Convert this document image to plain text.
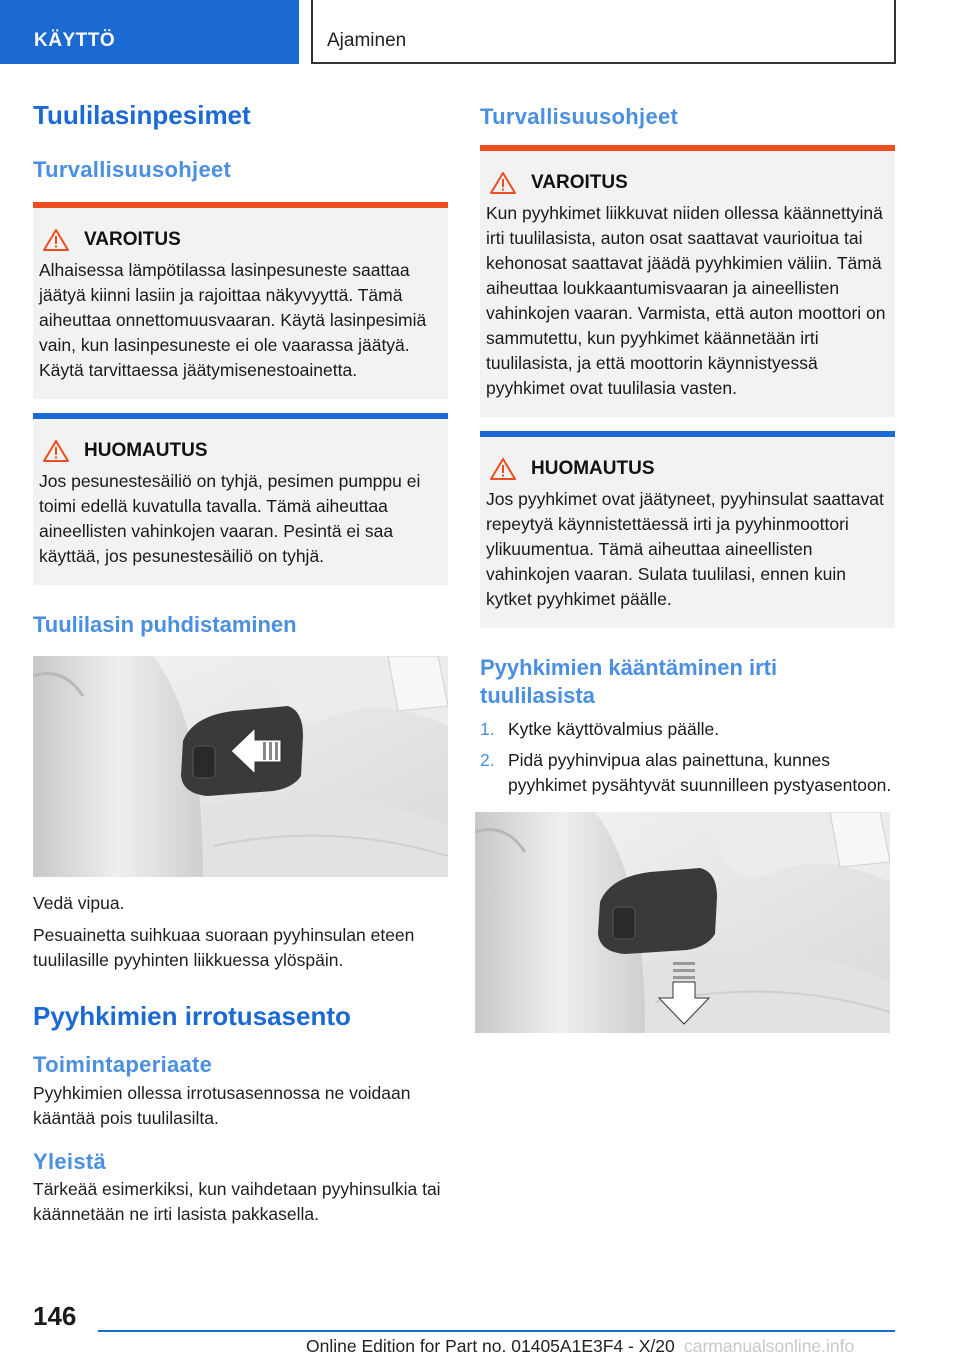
KÄYTTÖ	Ajaminen
Tuulilasinpesimet
Turvallisuusohjeet
VAROITUS
Alhaisessa lämpötilassa lasinpesuneste saattaa jäätyä kiinni lasiin ja rajoittaa näkyvyyttä. Tämä aiheuttaa onnettomuusvaaran. Käytä lasinpesimiä vain, kun lasinpesuneste ei ole vaarassa jäätyä. Käytä tarvittaessa jäätymisenestoainetta.
HUOMAUTUS
Jos pesunestesäiliö on tyhjä, pesimen pumppu ei toimi edellä kuvatulla tavalla. Tämä aiheuttaa aineellisten vahinkojen vaaran. Pesintä ei saa käyttää, jos pesunestesäiliö on tyhjä.
Tuulilasin puhdistaminen
Vedä vipua.
Pesuainetta suihkuaa suoraan pyyhinsulan eteen tuulilasille pyyhinten liikkuessa ylöspäin.
Pyyhkimien irrotusasento
Toimintaperiaate
Pyyhkimien ollessa irrotusasennossa ne voidaan kääntää pois tuulilasilta.
Yleistä
Tärkeää esimerkiksi, kun vaihdetaan pyyhinsulkia tai käännetään ne irti lasista pakkasella.
Turvallisuusohjeet
VAROITUS
Kun pyyhkimet liikkuvat niiden ollessa käännettyinä irti tuulilasista, auton osat saattavat vaurioitua tai kehonosat saattavat jäädä pyyhkimien väliin. Tämä aiheuttaa loukkaantumisvaaran ja aineellisten vahinkojen vaaran. Varmista, että auton moottori on sammutettu, kun pyyhkimet käännetään irti tuulilasista, ja että moottorin käynnistyessä pyyhkimet ovat tuulilasia vasten.
HUOMAUTUS
Jos pyyhkimet ovat jäätyneet, pyyhinsulat saattavat repeytyä käynnistettäessä irti ja pyyhinmoottori ylikuumentua. Tämä aiheuttaa aineellisten vahinkojen vaaran. Sulata tuulilasi, ennen kuin kytket pyyhkimet päälle.
Pyyhkimien kääntäminen irti tuulilasista
1. Kytke käyttövalmius päälle.
2. Pidä pyyhinvipua alas painettuna, kunnes pyyhkimet pysähtyvät suunnilleen pystyasentoon.
146
Online Edition for Part no. 01405A1E3F4 - X/20 carmanualsonline.info
